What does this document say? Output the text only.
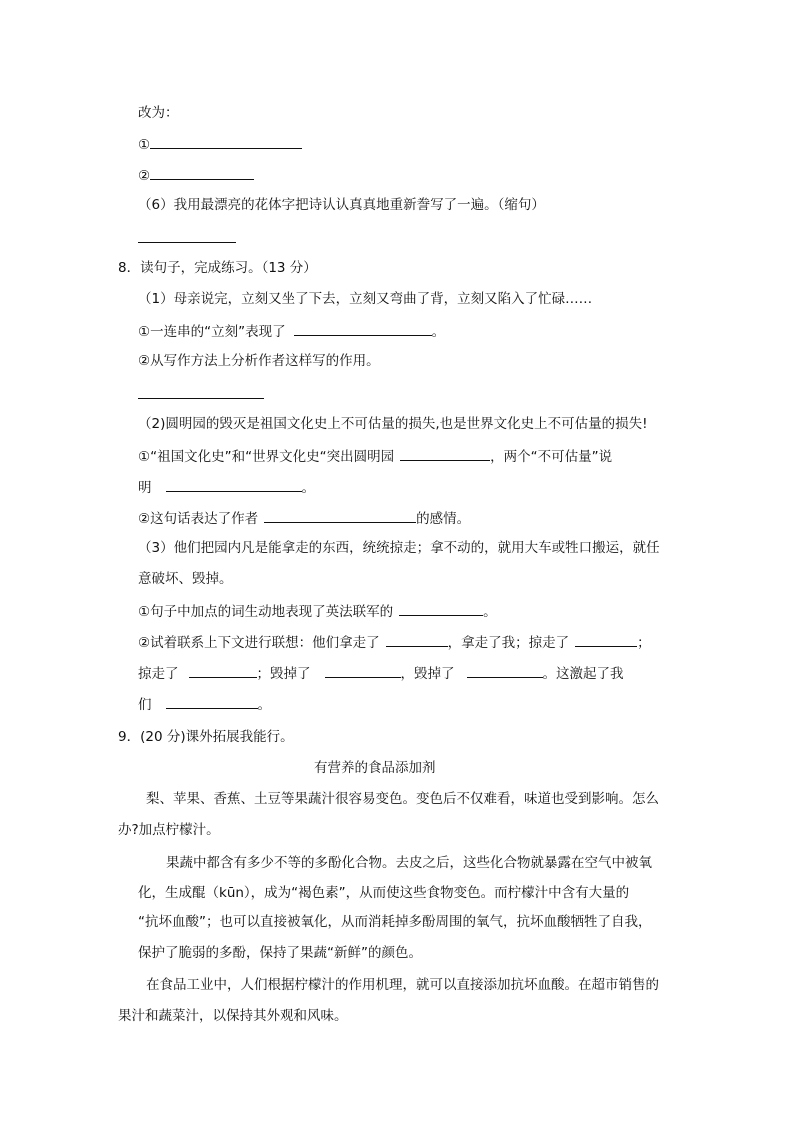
改为：
①
②
（6）我用最漂亮的花体字把诗认认真真地重新誊写了一遍。（缩句）
8．读句子，完成练习。（13 分）
（1）母亲说完，立刻又坐了下去，立刻又弯曲了背，立刻又陷入了忙碌……
①一连串的“立刻”表现了	。
②从写作方法上分析作者这样写的作用。
（2)圆明园的毁灭是祖国文化史上不可估量的损失,也是世界文化史上不可估量的损失!
①“祖国文化史”和“世界文化史“突出圆明园	，两个“不可估量”说
明	。
②这句话表达了作者	的感情。
（3）他们把园内凡是能拿走的东西，统统掠走；拿不动的，就用大车或牲口搬运，就任
意破坏、毁掉。
①句子中加点的词生动地表现了英法联军的	。
②试着联系上下文进行联想：他们拿走了	，拿走了我；掠走了	；
掠走了	；毁掉了	，毁掉了	。这激起了我
们	。
9．(20 分)课外拓展我能行。
有营养的食品添加剂
梨、苹果、香蕉、土豆等果蔬汁很容易变色。变色后不仅难看，味道也受到影响。怎么
办?加点柠檬汁。
果蔬中都含有多少不等的多酚化合物。去皮之后，这些化合物就暴露在空气中被氧
化，生成醌（kūn），成为“褐色素”，从而使这些食物变色。而柠檬汁中含有大量的
“抗坏血酸”；也可以直接被氧化，从而消耗掉多酚周围的氧气，抗坏血酸牺牲了自我，
保护了脆弱的多酚，保持了果蔬“新鲜”的颜色。
在食品工业中，人们根据柠檬汁的作用机理，就可以直接添加抗坏血酸。在超市销售的
果汁和蔬菜汁，以保持其外观和风味。
